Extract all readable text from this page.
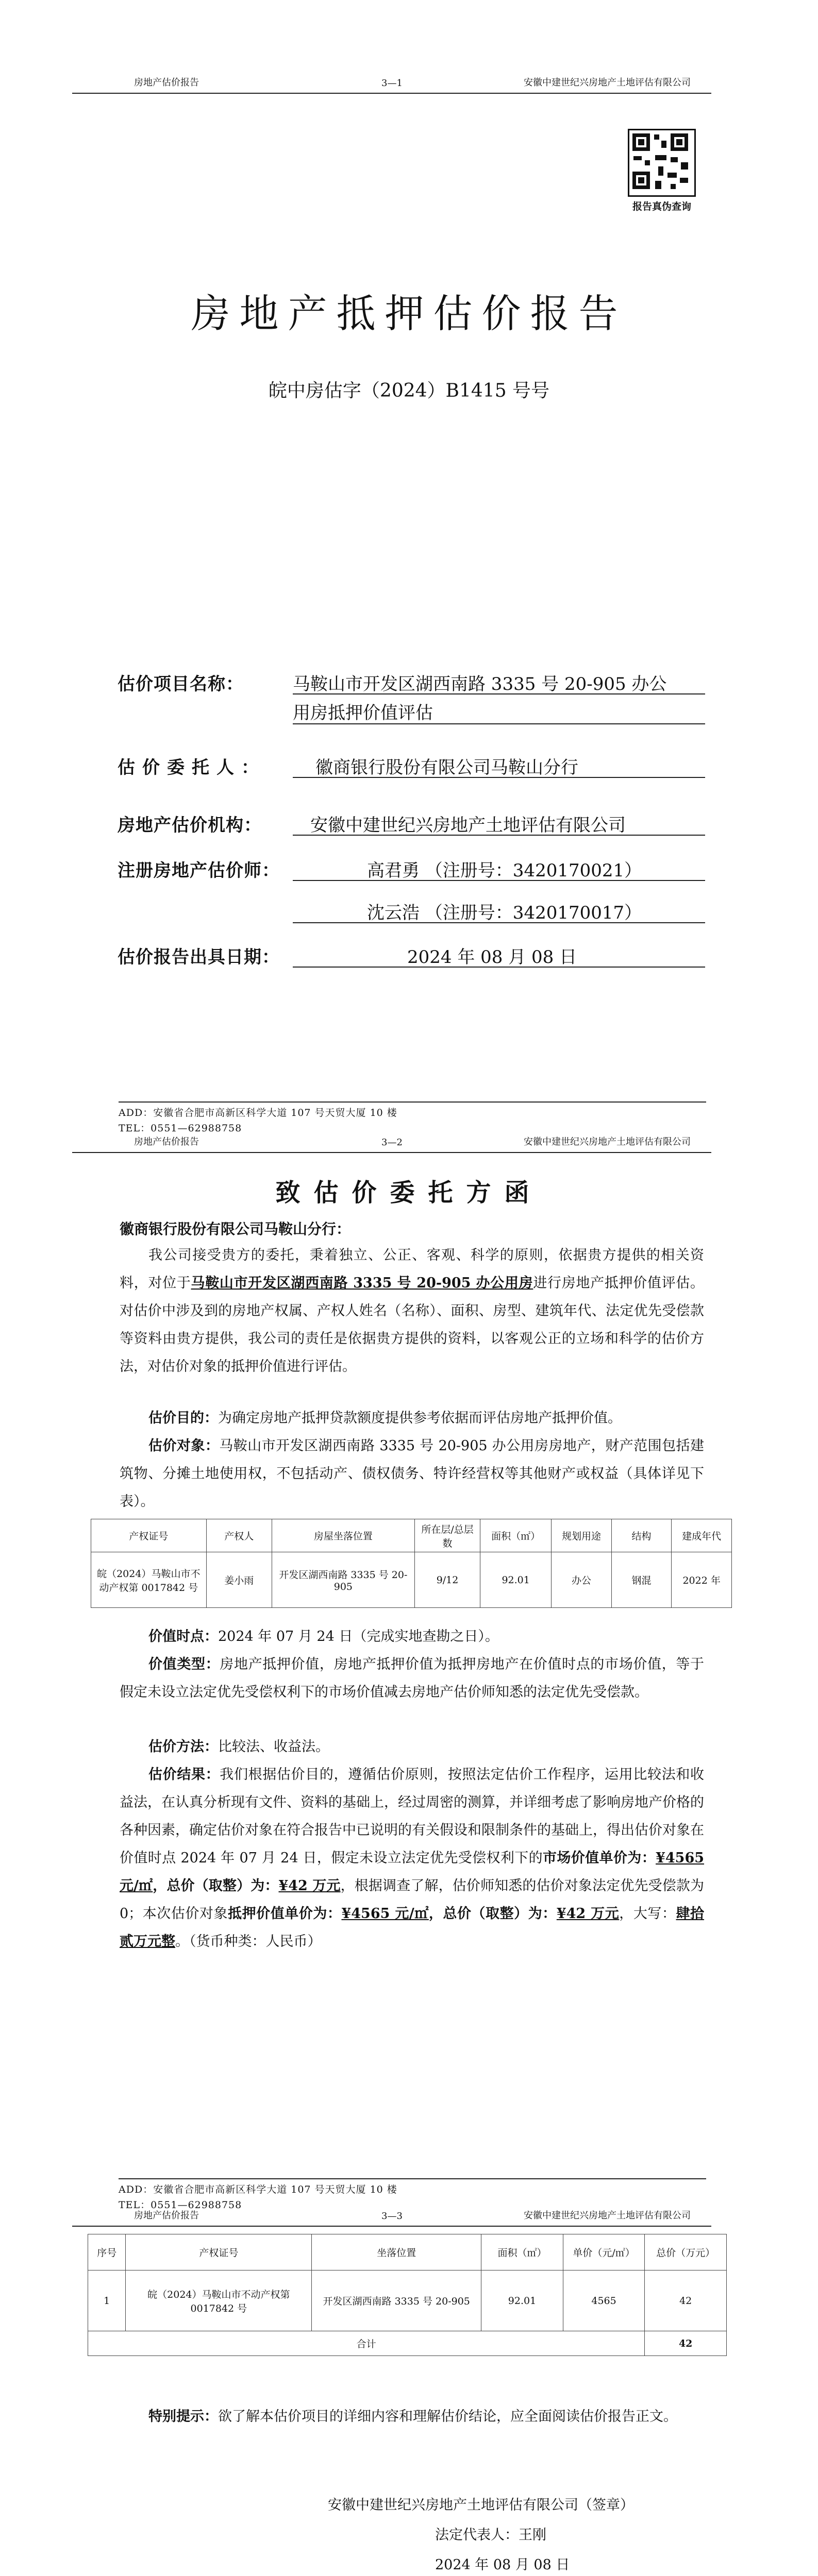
房地产估价报告	3—1	安徽中建世纪兴房地产土地评估有限公司
报告真伪查询
房地产抵押估价报告
皖中房估字（2024）B1415 号号
估价项目名称：	马鞍山市开发区湖西南路 3335 号 20-905 办公
用房抵押价值评估
估价委托人：	徽商银行股份有限公司马鞍山分行
房地产估价机构：	安徽中建世纪兴房地产土地评估有限公司
注册房地产估价师：	高君勇 （注册号：3420170021）
沈云浩 （注册号：3420170017）
估价报告出具日期：	2024 年 08 月 08 日
ADD：安徽省合肥市高新区科学大道 107 号天贸大厦 10 楼
TEL：0551—62988758
房地产估价报告	3—2	安徽中建世纪兴房地产土地评估有限公司
致估价委托方函
徽商银行股份有限公司马鞍山分行：
我公司接受贵方的委托，秉着独立、公正、客观、科学的原则，依据贵方提供的相关资料，对位于马鞍山市开发区湖西南路 3335 号 20-905 办公用房进行房地产抵押价值评估。对估价中涉及到的房地产权属、产权人姓名（名称）、面积、房型、建筑年代、法定优先受偿款等资料由贵方提供，我公司的责任是依据贵方提供的资料，以客观公正的立场和科学的估价方法，对估价对象的抵押价值进行评估。
估价目的：为确定房地产抵押贷款额度提供参考依据而评估房地产抵押价值。
估价对象：马鞍山市开发区湖西南路 3335 号 20-905 办公用房房地产，财产范围包括建筑物、分摊土地使用权，不包括动产、债权债务、特许经营权等其他财产或权益（具体详见下表）。
产权证号	产权人	房屋坐落位置	所在层/总层数	面积（㎡）	规划用途	结构	建成年代
皖（2024）马鞍山市不动产权第 0017842 号	姜小雨	开发区湖西南路 3335 号 20-905	9/12	92.01	办公	钢混	2022 年
价值时点：2024 年 07 月 24 日（完成实地查勘之日）。
价值类型：房地产抵押价值，房地产抵押价值为抵押房地产在价值时点的市场价值，等于假定未设立法定优先受偿权利下的市场价值减去房地产估价师知悉的法定优先受偿款。
估价方法：比较法、收益法。
估价结果：我们根据估价目的，遵循估价原则，按照法定估价工作程序，运用比较法和收益法，在认真分析现有文件、资料的基础上，经过周密的测算，并详细考虑了影响房地产价格的各种因素，确定估价对象在符合报告中已说明的有关假设和限制条件的基础上，得出估价对象在价值时点 2024 年 07 月 24 日，假定未设立法定优先受偿权利下的市场价值单价为：¥4565 元/㎡，总价（取整）为：¥42 万元，根据调查了解，估价师知悉的估价对象法定优先受偿款为 0；本次估价对象抵押价值单价为：¥4565 元/㎡，总价（取整）为：¥42 万元，大写：肆拾贰万元整。（货币种类：人民币）
ADD：安徽省合肥市高新区科学大道 107 号天贸大厦 10 楼
TEL：0551—62988758
房地产估价报告	3—3	安徽中建世纪兴房地产土地评估有限公司
序号	产权证号	坐落位置	面积（㎡）	单价（元/㎡）	总价（万元）
1	皖（2024）马鞍山市不动产权第 0017842 号	开发区湖西南路 3335 号 20-905	92.01	4565	42
合计					42
特别提示：欲了解本估价项目的详细内容和理解估价结论，应全面阅读估价报告正文。
安徽中建世纪兴房地产土地评估有限公司（签章）
法定代表人：王刚
2024 年 08 月 08 日
